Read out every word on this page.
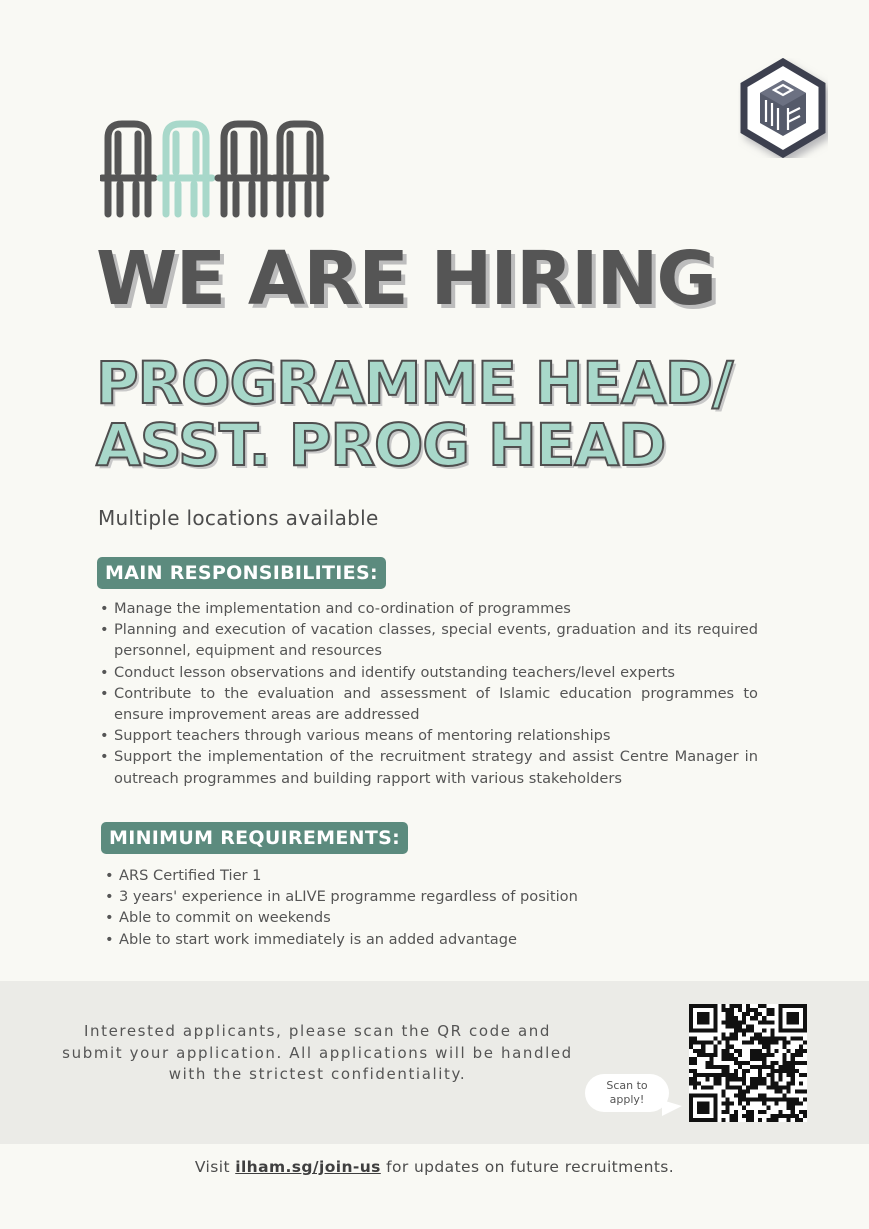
WE ARE HIRING
PROGRAMME HEAD/
ASST. PROG HEAD
Multiple locations available
MAIN RESPONSIBILITIES:
• Manage the implementation and co-ordination of programmes
• Planning and execution of vacation classes, special events, graduation and its required personnel, equipment and resources
• Conduct lesson observations and identify outstanding teachers/level experts
• Contribute to the evaluation and assessment of Islamic education programmes to ensure improvement areas are addressed
• Support teachers through various means of mentoring relationships
• Support the implementation of the recruitment strategy and assist Centre Manager in outreach programmes and building rapport with various stakeholders
MINIMUM REQUIREMENTS:
• ARS Certified Tier 1
• 3 years' experience in aLIVE programme regardless of position
• Able to commit on weekends
• Able to start work immediately is an added advantage
Interested applicants, please scan the QR code and submit your application. All applications will be handled with the strictest confidentiality.
Scan to
apply!
Visit ilham.sg/join-us for updates on future recruitments.
